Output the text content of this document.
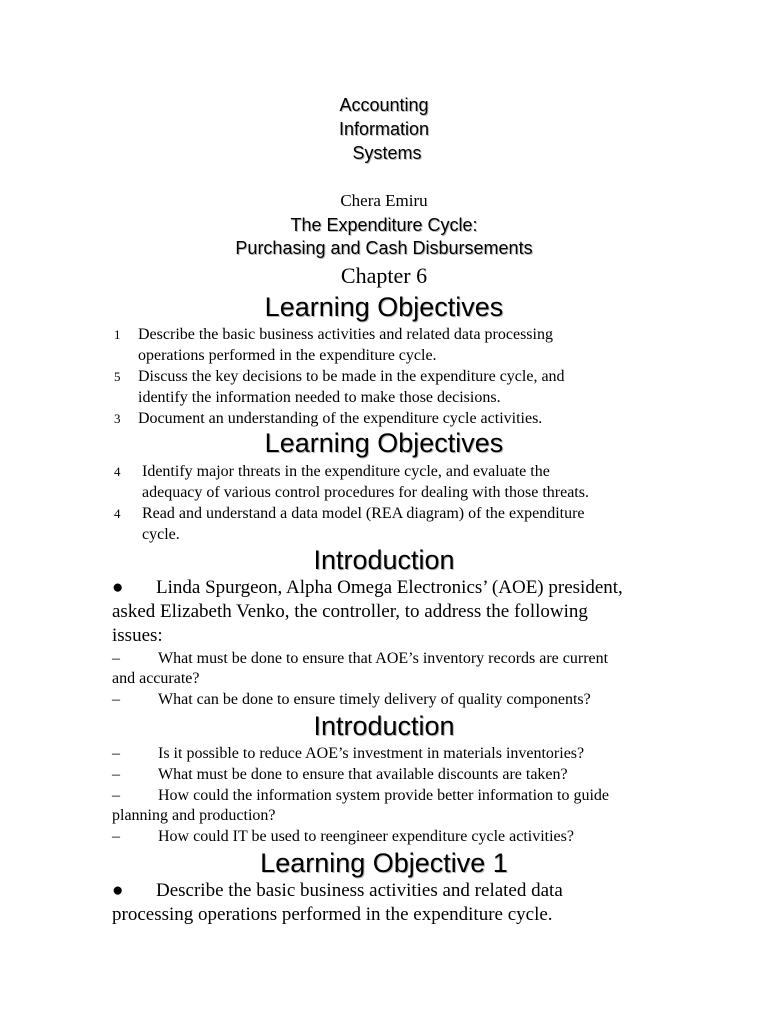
Accounting
Information
Systems
Chera Emiru
The Expenditure Cycle:
Purchasing and Cash Disbursements
Chapter 6
Learning Objectives
1 Describe the basic business activities and related data processing
operations performed in the expenditure cycle.
5 Discuss the key decisions to be made in the expenditure cycle, and
identify the information needed to make those decisions.
3 Document an understanding of the expenditure cycle activities.
Learning Objectives
4 Identify major threats in the expenditure cycle, and evaluate the
adequacy of various control procedures for dealing with those threats.
4 Read and understand a data model (REA diagram) of the expenditure
cycle.
Introduction
● Linda Spurgeon, Alpha Omega Electronics’ (AOE) president,
asked Elizabeth Venko, the controller, to address the following
issues:
– What must be done to ensure that AOE’s inventory records are current
and accurate?
– What can be done to ensure timely delivery of quality components?
Introduction
– Is it possible to reduce AOE’s investment in materials inventories?
– What must be done to ensure that available discounts are taken?
– How could the information system provide better information to guide
planning and production?
– How could IT be used to reengineer expenditure cycle activities?
Learning Objective 1
● Describe the basic business activities and related data
processing operations performed in the expenditure cycle.
